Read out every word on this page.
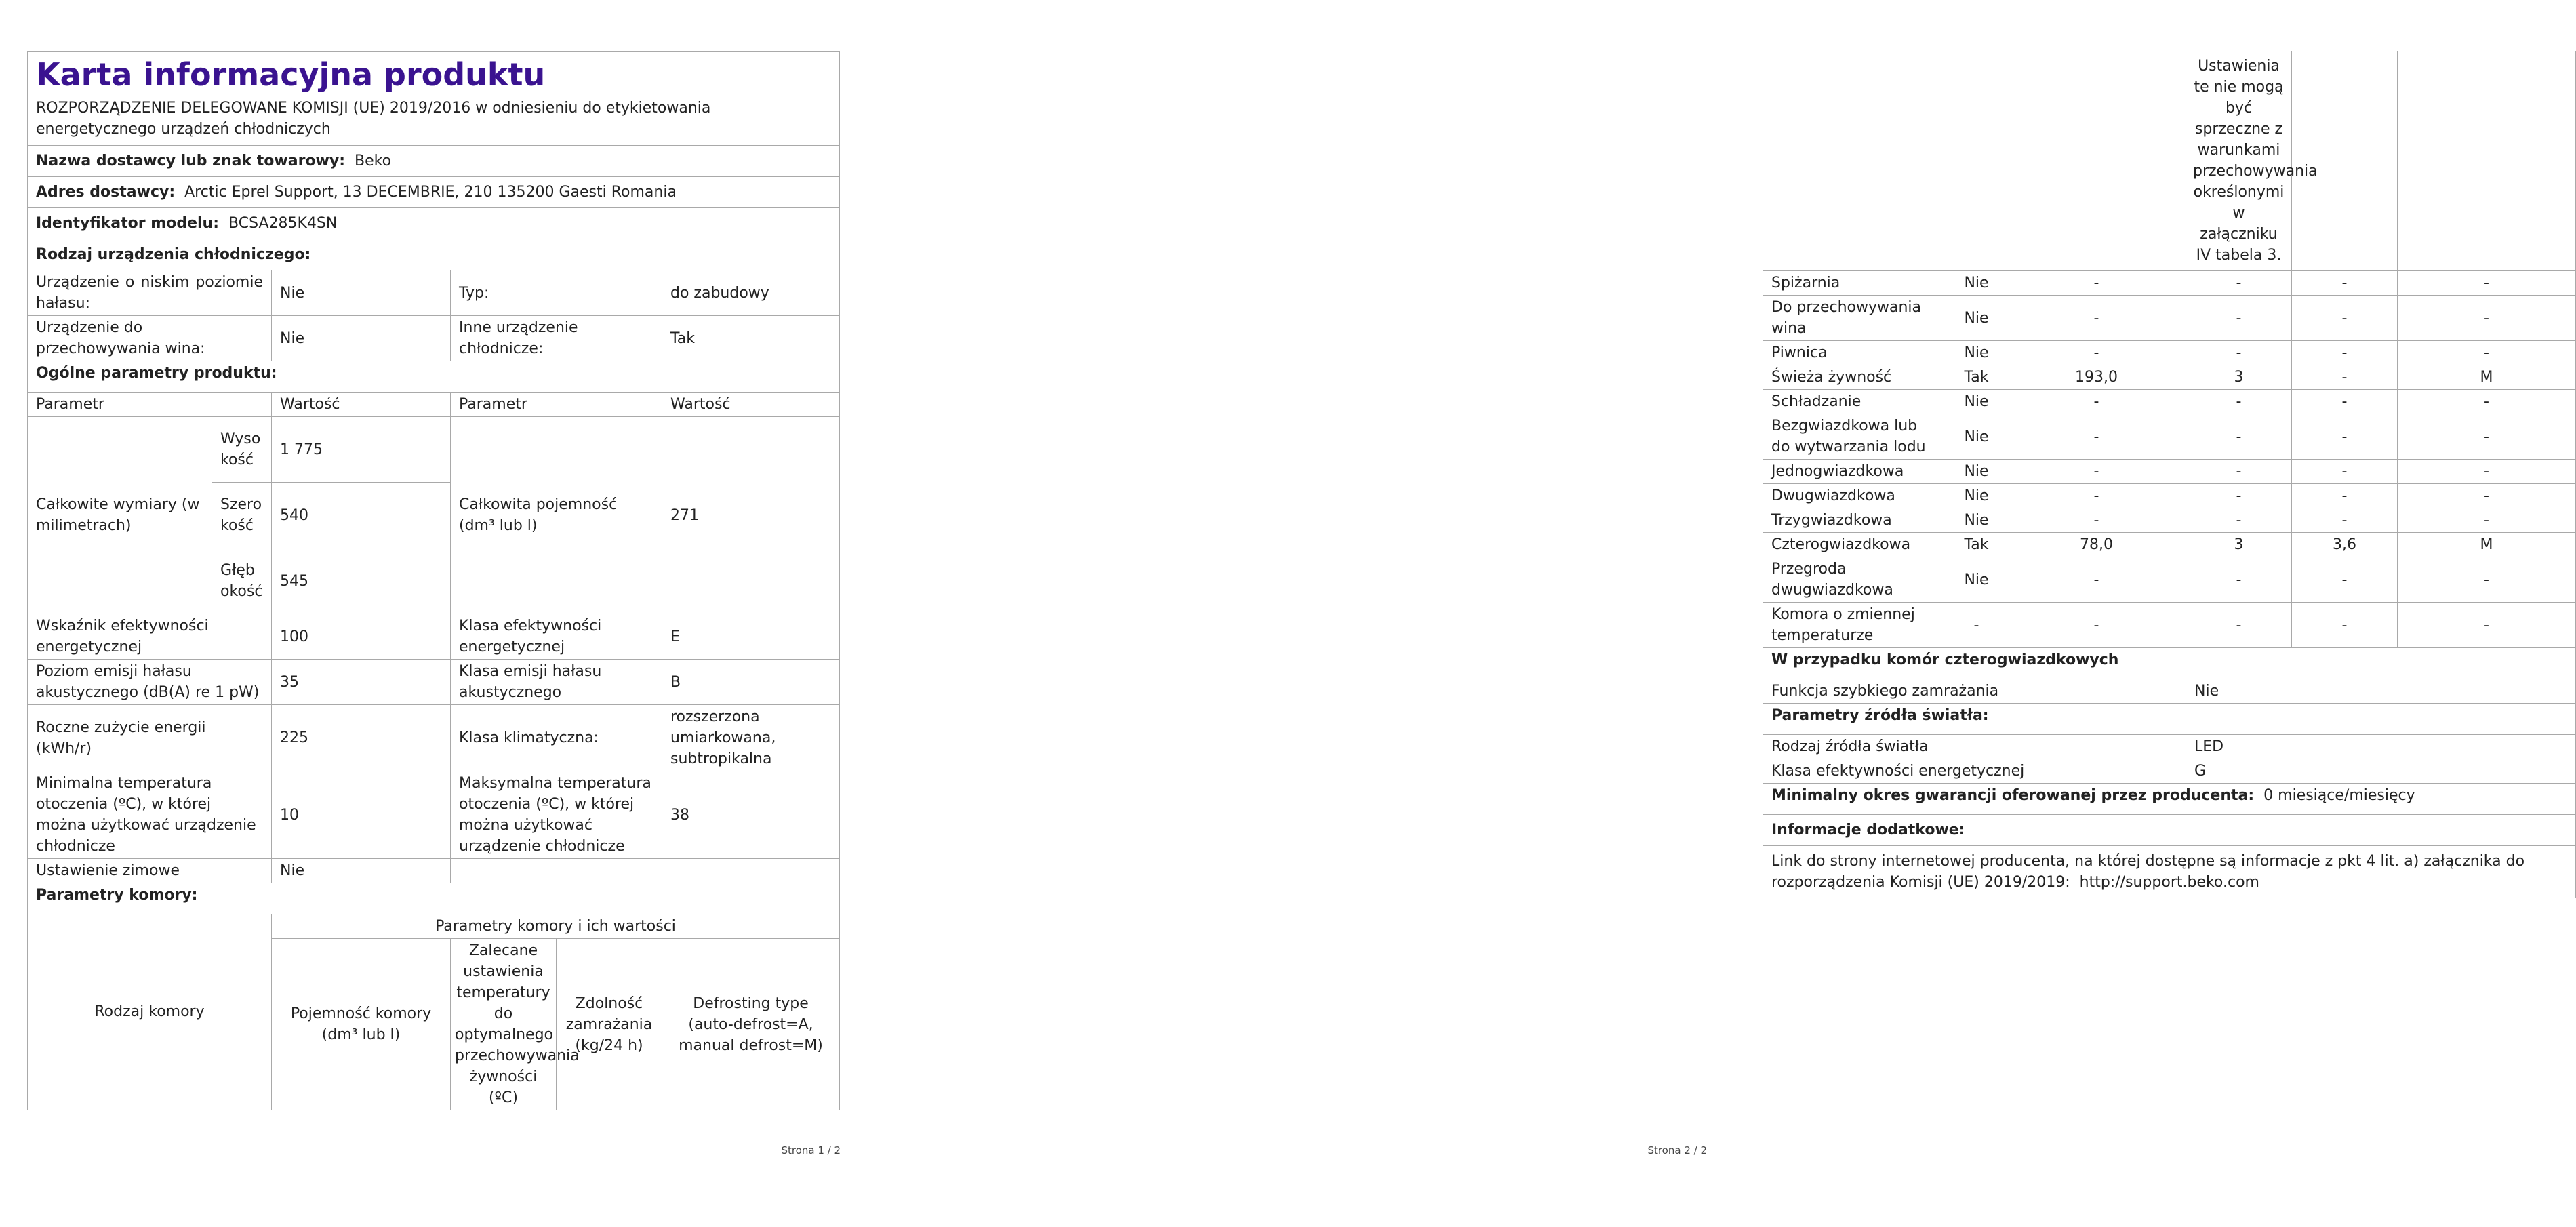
Karta informacyjna produktu
ROZPORZĄDZENIE DELEGOWANE KOMISJI (UE) 2019/2016 w odniesieniu do etykietowania energetycznego urządzeń chłodniczych					

Nazwa dostawcy lub znak towarowy: Beko					
Adres dostawcy: Arctic Eprel Support, 13 DECEMBRIE, 210 135200 Gaesti Romania					
Identyfikator modelu: BCSA285K4SN					
Rodzaj urządzenia chłodniczego:					
Urządzenie o niskim poziomie hałasu:		Nie	Typ:		do zabudowy
Urządzenie do przechowywania wina:		Nie	Inne urządzenie chłodnicze:		Tak
Ogólne parametry produktu:					
Parametr		Wartość	Parametr		Wartość
Całkowite wymiary (w milimetrach)	Wysokość	1 775	Całkowita pojemność (dm³ lub l)		271
	Szerokość	540			
	Głębokość	545			
Wskaźnik efektywności energetycznej		100	Klasa efektywności energetycznej		E
Poziom emisji hałasu akustycznego (dB(A) re 1 pW)		35	Klasa emisji hałasu akustycznego		B
Roczne zużycie energii (kWh/r)		225	Klasa klimatyczna:		rozszerzona umiarkowana, subtropikalna
Minimalna temperatura otoczenia (ºC), w której można użytkować urządzenie chłodnicze		10	Maksymalna temperatura otoczenia (ºC), w której można użytkować urządzenie chłodnicze		38
Ustawienie zimowe		Nie			
Parametry komory:					
Rodzaj komory		Parametry komory i ich wartości			
		Pojemność komory (dm³ lub l)	Zalecane ustawienia temperatury do optymalnego przechowywania żywności (ºC)	Zdolność zamrażania (kg/24 h)	Defrosting type (auto-defrost=A, manual defrost=M)
Strona 1 / 2
			Ustawienia te nie mogą być sprzeczne z warunkami przechowywania określonymi w załączniku IV tabela 3.		
Spiżarnia	Nie	-	-	-	-
Do przechowywania wina	Nie	-	-	-	-
Piwnica	Nie	-	-	-	-
Świeża żywność	Tak	193,0	3	-	M
Schładzanie	Nie	-	-	-	-
Bezgwiazdkowa lub do wytwarzania lodu	Nie	-	-	-	-
Jednogwiazdkowa	Nie	-	-	-	-
Dwugwiazdkowa	Nie	-	-	-	-
Trzygwiazdkowa	Nie	-	-	-	-
Czterogwiazdkowa	Tak	78,0	3	3,6	M
Przegroda dwugwiazdkowa	Nie	-	-	-	-
Komora o zmiennej temperaturze	-	-	-	-	-
W przypadku komór czterogwiazdkowych					
Funkcja szybkiego zamrażania			Nie		
Parametry źródła światła:					
Rodzaj źródła światła			LED		
Klasa efektywności energetycznej			G		
Minimalny okres gwarancji oferowanej przez producenta: 0 miesiące/miesięcy					
Informacje dodatkowe:					
Link do strony internetowej producenta, na której dostępne są informacje z pkt 4 lit. a) załącznika do rozporządzenia Komisji (UE) 2019/2019: http://support.beko.com					
Strona 2 / 2
